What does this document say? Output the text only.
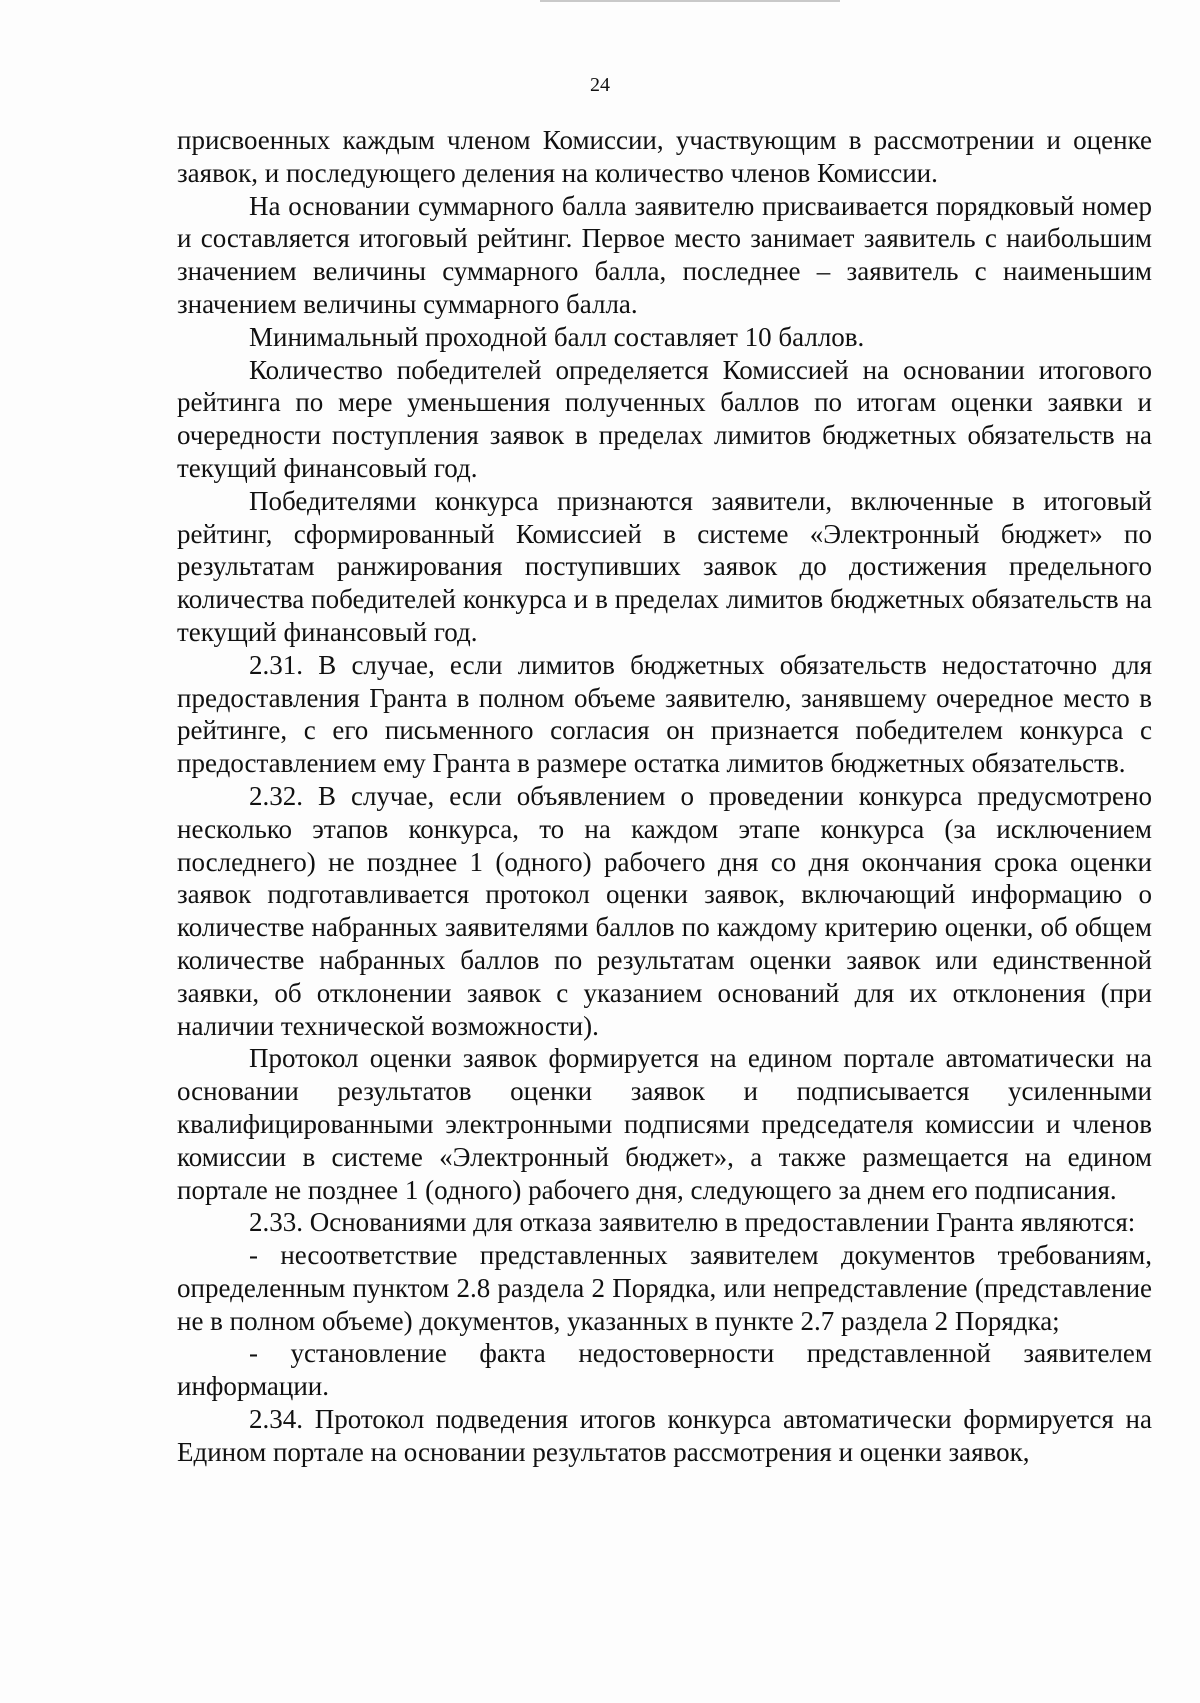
24

присвоенных каждым членом Комиссии, участвующим в рассмотрении и оценке заявок, и последующего деления на количество членов Комиссии.

На основании суммарного балла заявителю присваивается порядковый номер и составляется итоговый рейтинг. Первое место занимает заявитель с наибольшим значением величины суммарного балла, последнее – заявитель с наименьшим значением величины суммарного балла.

Минимальный проходной балл составляет 10 баллов.

Количество победителей определяется Комиссией на основании итогового рейтинга по мере уменьшения полученных баллов по итогам оценки заявки и очередности поступления заявок в пределах лимитов бюджетных обязательств на текущий финансовый год.

Победителями конкурса признаются заявители, включенные в итоговый рейтинг, сформированный Комиссией в системе «Электронный бюджет» по результатам ранжирования поступивших заявок до достижения предельного количества победителей конкурса и в пределах лимитов бюджетных обязательств на текущий финансовый год.

2.31. В случае, если лимитов бюджетных обязательств недостаточно для предоставления Гранта в полном объеме заявителю, занявшему очередное место в рейтинге, с его письменного согласия он признается победителем конкурса с предоставлением ему Гранта в размере остатка лимитов бюджетных обязательств.

2.32. В случае, если объявлением о проведении конкурса предусмотрено несколько этапов конкурса, то на каждом этапе конкурса (за исключением последнего) не позднее 1 (одного) рабочего дня со дня окончания срока оценки заявок подготавливается протокол оценки заявок, включающий информацию о количестве набранных заявителями баллов по каждому критерию оценки, об общем количестве набранных баллов по результатам оценки заявок или единственной заявки, об отклонении заявок с указанием оснований для их отклонения (при наличии технической возможности).

Протокол оценки заявок формируется на едином портале автоматически на основании результатов оценки заявок и подписывается усиленными квалифицированными электронными подписями председателя комиссии и членов комиссии в системе «Электронный бюджет», а также размещается на едином портале не позднее 1 (одного) рабочего дня, следующего за днем его подписания.

2.33. Основаниями для отказа заявителю в предоставлении Гранта являются:

- несоответствие представленных заявителем документов требованиям, определенным пунктом 2.8 раздела 2 Порядка, или непредставление (представление не в полном объеме) документов, указанных в пункте 2.7 раздела 2 Порядка;

- установление факта недостоверности представленной заявителем информации.

2.34. Протокол подведения итогов конкурса автоматически формируется на Едином портале на основании результатов рассмотрения и оценки заявок,
